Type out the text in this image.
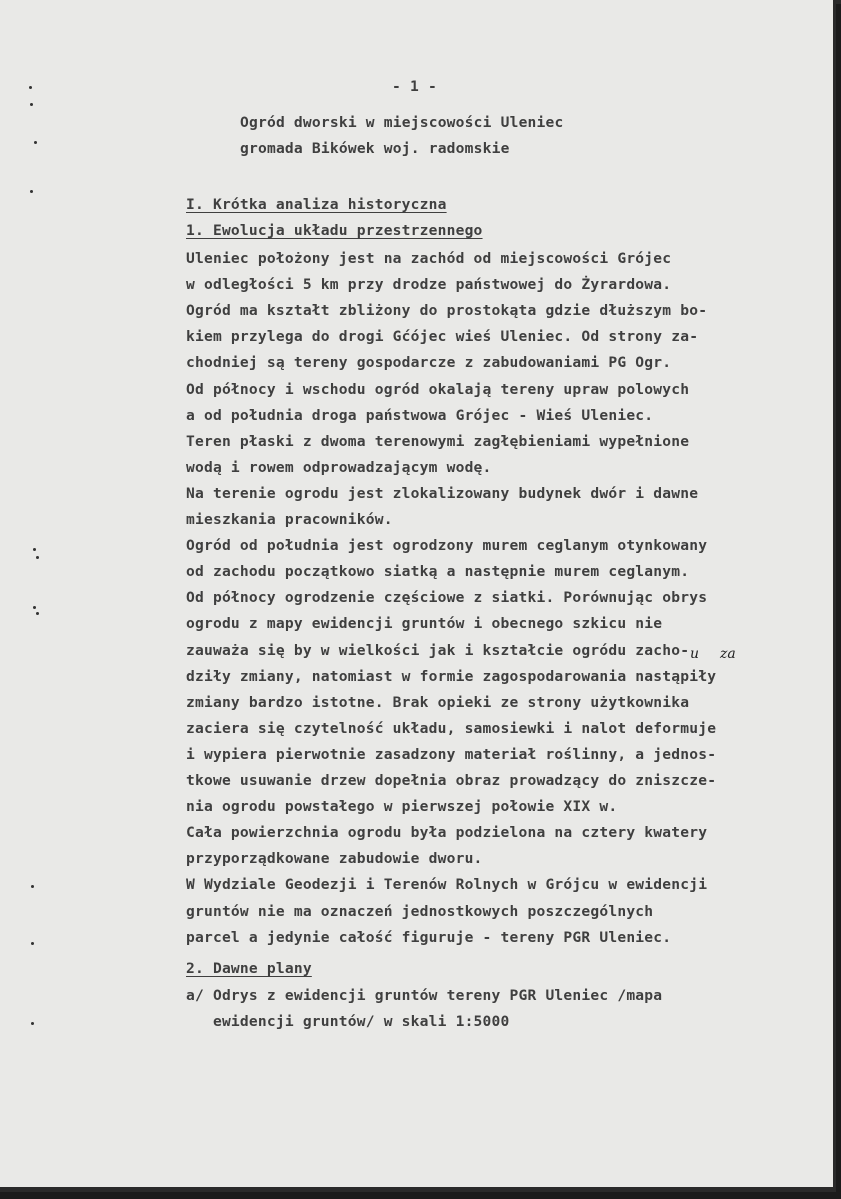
- 1 -
Ogród dworski w miejscowości Uleniec
gromada Bikówek woj. radomskie
I. Krótka analiza historyczna
1. Ewolucja układu przestrzennego
Uleniec położony jest na zachód od miejscowości Grójec
w odległości 5 km przy drodze państwowej do Żyrardowa.
Ogród ma kształt zbliżony do prostokąta gdzie dłuższym bo-
kiem przylega do drogi Gćójec wieś Uleniec. Od strony za-
chodniej są tereny gospodarcze z zabudowaniami PG Ogr.
Od północy i wschodu ogród okalają tereny upraw polowych
a od południa droga państwowa Grójec - Wieś Uleniec.
Teren płaski z dwoma terenowymi zagłębieniami wypełnione
wodą i rowem odprowadzającym wodę.
Na terenie ogrodu jest zlokalizowany budynek dwór i dawne
mieszkania pracowników.
Ogród od południa jest ogrodzony murem ceglanym otynkowany
od zachodu początkowo siatką a następnie murem ceglanym.
Od północy ogrodzenie częściowe z siatki. Porównując obrys
ogrodu z mapy ewidencji gruntów i obecnego szkicu nie
zauważa się by w wielkości jak i kształcie ogródu zacho-
dziły zmiany, natomiast w formie zagospodarowania nastąpiły
zmiany bardzo istotne. Brak opieki ze strony użytkownika
zaciera się czytelność układu, samosiewki i nalot deformuje
i wypiera pierwotnie zasadzony materiał roślinny, a jednos-
tkowe usuwanie drzew dopełnia obraz prowadzący do zniszcze-
nia ogrodu powstałego w pierwszej połowie XIX w.
Cała powierzchnia ogrodu była podzielona na cztery kwatery
przyporządkowane zabudowie dworu.
W Wydziale Geodezji i Terenów Rolnych w Grójcu w ewidencji
gruntów nie ma oznaczeń jednostkowych poszczególnych
parcel a jedynie całość figuruje - tereny PGR Uleniec.
2. Dawne plany
a/ Odrys z ewidencji gruntów tereny PGR Uleniec /mapa
ewidencji gruntów/ w skali 1:5000
u za
